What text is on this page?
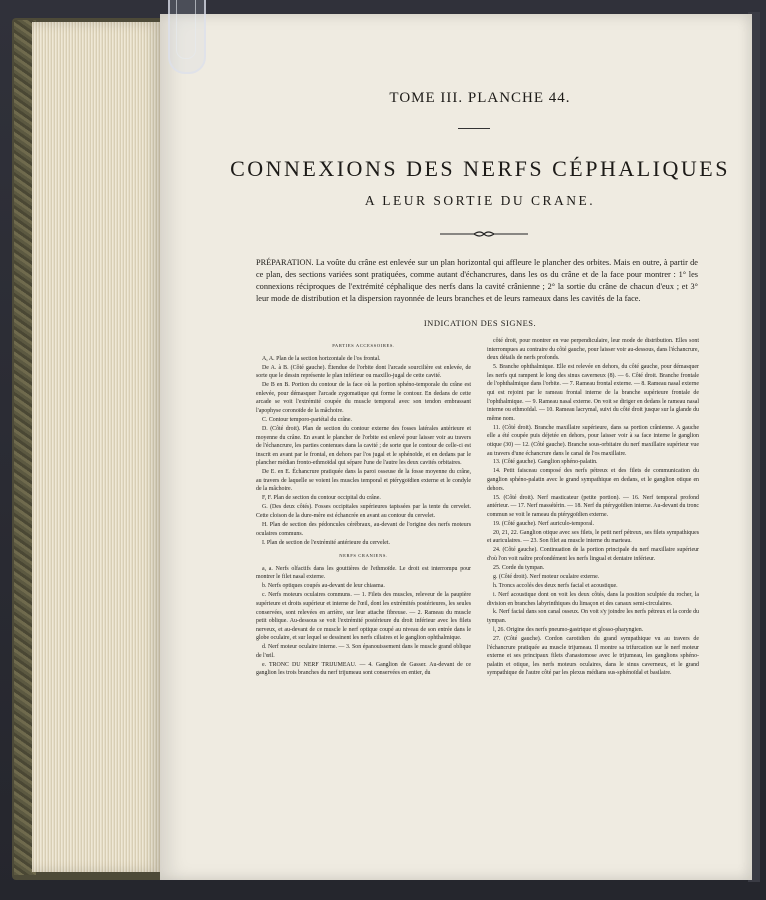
TOME III. PLANCHE 44.
CONNEXIONS DES NERFS CÉPHALIQUES
A LEUR SORTIE DU CRANE.
PRÉPARATION. La voûte du crâne est enlevée sur un plan horizontal qui affleure le plancher des orbites. Mais en outre, à partir de ce plan, des sections variées sont pratiquées, comme autant d'échancrures, dans les os du crâne et de la face pour montrer : 1° les connexions réciproques de l'extrémité céphalique des nerfs dans la cavité crânienne ; 2° la sortie du crâne de chacun d'eux ; et 3° leur mode de distribution et la dispersion rayonnée de leurs branches et de leurs rameaux dans les cavités de la face.
INDICATION DES SIGNES.

PARTIES ACCESSOIRES.

A, A. Plan de la section horizontale de l'os frontal.

De A. à B. (Côté gauche). Étendue de l'orbite dont l'arcade sourcilière est enlevée, de sorte que le dessin représente le plan inférieur ou maxillo-jugal de cette cavité.

De B en B. Portion du contour de la face où la portion sphéno-temporale du crâne est enlevée, pour démasquer l'arcade zygomatique qui forme le contour. En dedans de cette arcade se voit l'extrémité coupée du muscle temporal avec son tendon embrassant l'apophyse coronoïde de la mâchoire.

C. Contour temporo-pariétal du crâne.

D. (Côté droit). Plan de section du contour externe des fosses latérales antérieure et moyenne du crâne. En avant le plancher de l'orbite est enlevé pour laisser voir au travers de l'échancrure, les parties contenues dans la cavité ; de sorte que le contour de celle-ci est inscrit en avant par le frontal, en dehors par l'os jugal et le sphénoïde, et en dedans par le plancher médian fronto-ethmoïdal qui sépare l'une de l'autre les deux cavités orbitaires.

De E. en E. Échancrure pratiquée dans la paroi osseuse de la fosse moyenne du crâne, au travers de laquelle se voient les muscles temporal et ptérygoïdien externe et le condyle de la mâchoire.

F, F. Plan de section du contour occipital du crâne.

G. (Des deux côtés). Fosses occipitales supérieures tapissées par la tente du cervelet. Cette cloison de la dure-mère est échancrée en avant au contour du cervelet.

H. Plan de section des pédoncules cérébraux, au-devant de l'origine des nerfs moteurs oculaires communs.

I. Plan de section de l'extrémité antérieure du cervelet.

NERFS CRANIENS.

a, a. Nerfs olfactifs dans les gouttières de l'ethmoïde. Le droit est interrompu pour montrer le filet nasal externe.

b. Nerfs optiques coupés au-devant de leur chiasma.

c. Nerfs moteurs oculaires communs. — 1. Filets des muscles, releveur de la paupière supérieure et droits supérieur et interne de l'œil, dont les extrémités postérieures, les seules conservées, sont relevées en arrière, sur leur attache fibreuse. — 2. Rameau du muscle petit oblique. Au-dessous se voit l'extrémité postérieure du droit inférieur avec les filets nerveux, et au-devant de ce muscle le nerf optique coupé au niveau de son entrée dans le globe oculaire, et sur lequel se dessinent les nerfs ciliaires et le ganglion ophthalmique.

d. Nerf moteur oculaire interne. — 3. Son épanouissement dans le muscle grand oblique de l'œil.

e. TRONC DU NERF TRIJUMEAU. — 4. Ganglion de Gasser. Au-devant de ce ganglion les trois branches du nerf trijumeau sont conservées en entier, du

côté droit, pour montrer en vue perpendiculaire, leur mode de distribution. Elles sont interrompues au contraire du côté gauche, pour laisser voir au-dessous, dans l'échancrure, deux détails de nerfs profonds.

5. Branche ophthalmique. Elle est relevée en dehors, du côté gauche, pour démasquer les nerfs qui rampent le long des sinus caverneux (8). — 6. Côté droit. Branche frontale de l'ophthalmique dans l'orbite. — 7. Rameau frontal externe. — 8. Rameau nasal externe qui est rejoint par le rameau frontal interne de la branche supérieure frontale de l'ophthalmique. — 9. Rameau nasal externe. On voit se diriger en dedans le rameau nasal interne ou ethmoïdal. — 10. Rameau lacrymal, suivi du côté droit jusque sur la glande du même nom.

11. (Côté droit). Branche maxillaire supérieure, dans sa portion crânienne. A gauche elle a été coupée puis déjetée en dehors, pour laisser voir à sa face interne le ganglion otique (30) — 12. (Côté gauche). Branche sous-orbitaire du nerf maxillaire supérieur vue au travers d'une échancrure dans le canal de l'os maxillaire.

13. (Côté gauche). Ganglion sphéno-palatin.

14. Petit faisceau composé des nerfs pétreux et des filets de communication du ganglion sphéno-palatin avec le grand sympathique en dedans, et le ganglion otique en dehors.

15. (Côté droit). Nerf masticateur (petite portion). — 16. Nerf temporal profond antérieur. — 17. Nerf massétérin. — 18. Nerf du ptérygoïdien interne. Au-devant du tronc commun se voit le rameau du ptérygoïdien externe.

19. (Côté gauche). Nerf auriculo-temporal.

20, 21, 22. Ganglion otique avec ses filets, le petit nerf pétreux, ses filets sympathiques et auriculaires. — 23. Son filet au muscle interne du marteau.

24. (Côté gauche). Continuation de la portion principale du nerf maxillaire supérieur d'où l'on voit naître profondément les nerfs lingual et dentaire inférieur.

25. Corde du tympan.

g. (Côté droit). Nerf moteur oculaire externe.

h. Troncs accolés des deux nerfs facial et acoustique.

i. Nerf acoustique dont on voit les deux côtés, dans la position sculptée du rocher, la division en branches labyrinthiques du limaçon et des canaux semi-circulaires.

k. Nerf facial dans son canal osseux. On voit s'y joindre les nerfs pétreux et la corde du tympan.

l, 26. Origine des nerfs pneumo-gastrique et glosso-pharyngien.

27. (Côté gauche). Cordon carotidien du grand sympathique vu au travers de l'échancrure pratiquée au muscle trijumeau. Il montre sa trifurcation sur le nerf moteur externe et ses principaux filets d'anastomose avec le trijumeau, les ganglions sphéno-palatin et otique, les nerfs moteurs oculaires, dans le sinus caverneux, et le grand sympathique de l'autre côté par les plexus médians sus-sphénoïdal et basilaire.
